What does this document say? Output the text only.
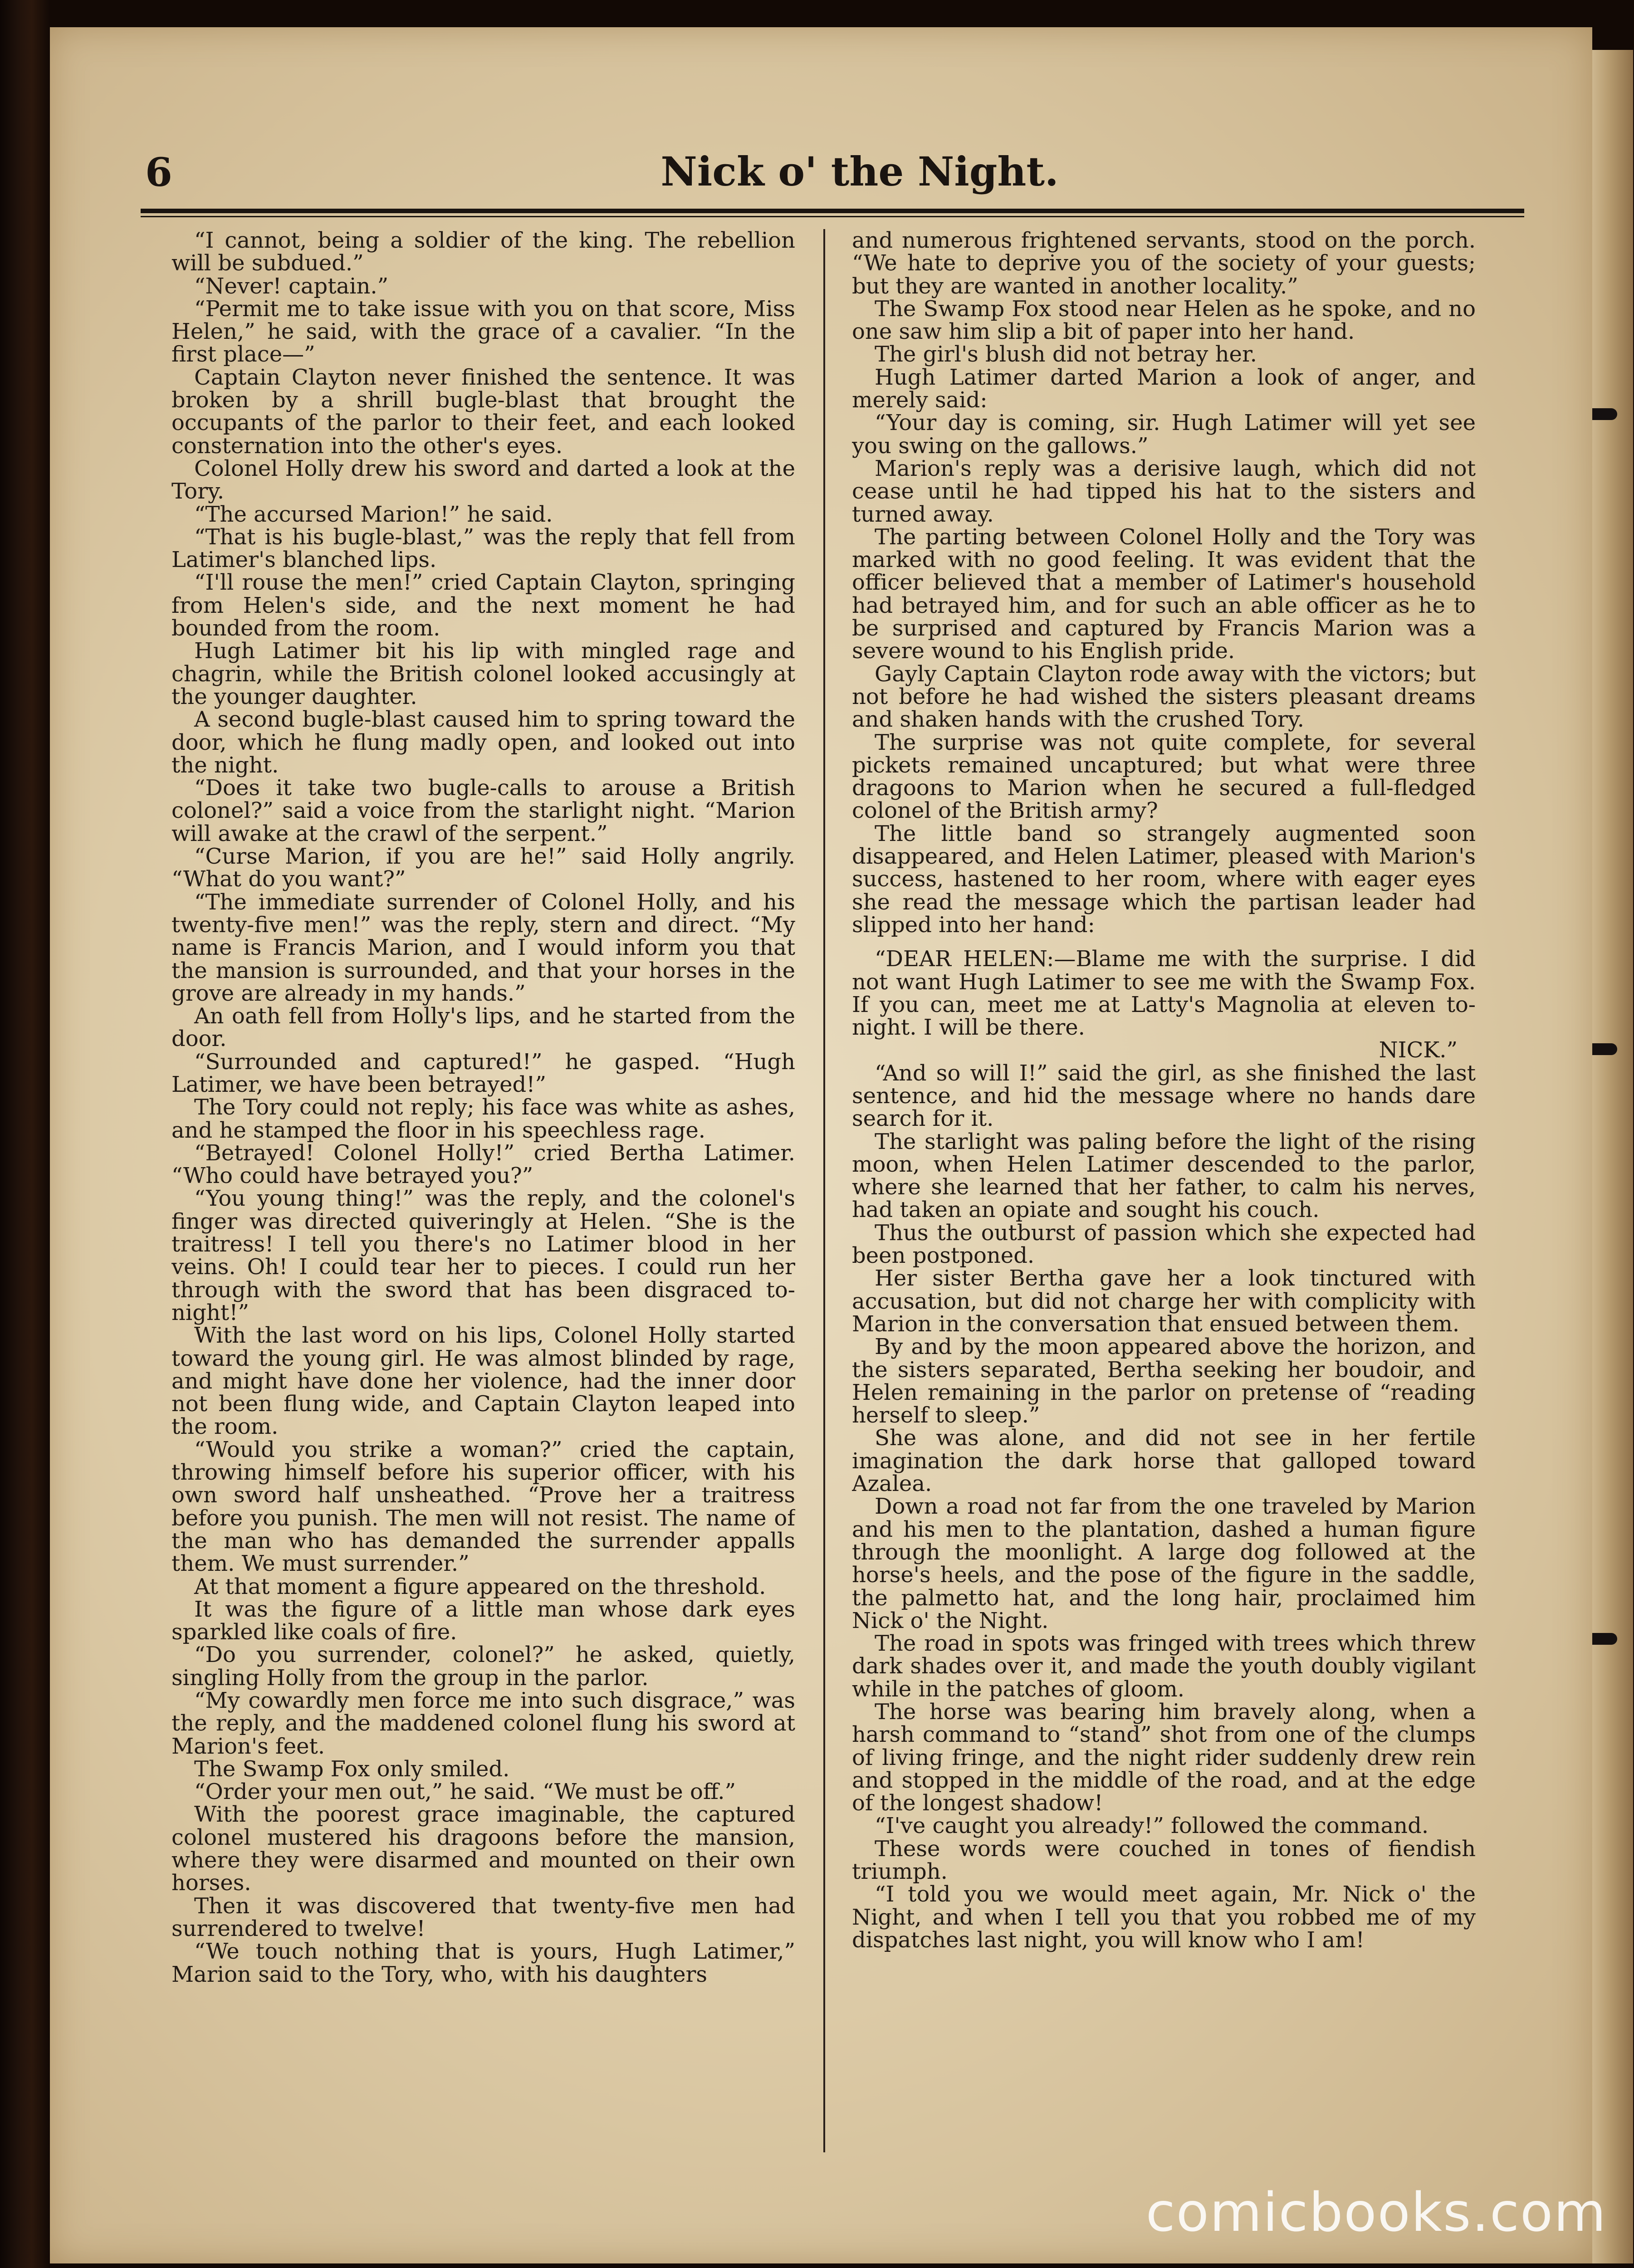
6	Nick o' the Night.

“I cannot, being a soldier of the king. The rebellion will be subdued.”

“Never! captain.”

“Permit me to take issue with you on that score, Miss Helen,” he said, with the grace of a cavalier. “In the first place—”

Captain Clayton never finished the sentence. It was broken by a shrill bugle-blast that brought the occupants of the parlor to their feet, and each looked consternation into the other's eyes.

Colonel Holly drew his sword and darted a look at the Tory.

“The accursed Marion!” he said.

“That is his bugle-blast,” was the reply that fell from Latimer's blanched lips.

“I'll rouse the men!” cried Captain Clayton, springing from Helen's side, and the next moment he had bounded from the room.

Hugh Latimer bit his lip with mingled rage and chagrin, while the British colonel looked accusingly at the younger daughter.

A second bugle-blast caused him to spring toward the door, which he flung madly open, and looked out into the night.

“Does it take two bugle-calls to arouse a British colonel?” said a voice from the starlight night. “Marion will awake at the crawl of the serpent.”

“Curse Marion, if you are he!” said Holly angrily. “What do you want?”

“The immediate surrender of Colonel Holly, and his twenty-five men!” was the reply, stern and direct. “My name is Francis Marion, and I would inform you that the mansion is surrounded, and that your horses in the grove are already in my hands.”

An oath fell from Holly's lips, and he started from the door.

“Surrounded and captured!” he gasped. “Hugh Latimer, we have been betrayed!”

The Tory could not reply; his face was white as ashes, and he stamped the floor in his speechless rage.

“Betrayed! Colonel Holly!” cried Bertha Latimer. “Who could have betrayed you?”

“You young thing!” was the reply, and the colonel's finger was directed quiveringly at Helen. “She is the traitress! I tell you there's no Latimer blood in her veins. Oh! I could tear her to pieces. I could run her through with the sword that has been disgraced to-night!”

With the last word on his lips, Colonel Holly started toward the young girl. He was almost blinded by rage, and might have done her violence, had the inner door not been flung wide, and Captain Clayton leaped into the room.

“Would you strike a woman?” cried the captain, throwing himself before his superior officer, with his own sword half unsheathed. “Prove her a traitress before you punish. The men will not resist. The name of the man who has demanded the surrender appalls them. We must surrender.”

At that moment a figure appeared on the threshold.

It was the figure of a little man whose dark eyes sparkled like coals of fire.

“Do you surrender, colonel?” he asked, quietly, singling Holly from the group in the parlor.

“My cowardly men force me into such disgrace,” was the reply, and the maddened colonel flung his sword at Marion's feet.

The Swamp Fox only smiled.

“Order your men out,” he said. “We must be off.”

With the poorest grace imaginable, the captured colonel mustered his dragoons before the mansion, where they were disarmed and mounted on their own horses.

Then it was discovered that twenty-five men had surrendered to twelve!

“We touch nothing that is yours, Hugh Latimer,” Marion said to the Tory, who, with his daughters

and numerous frightened servants, stood on the porch. “We hate to deprive you of the society of your guests; but they are wanted in another locality.”

The Swamp Fox stood near Helen as he spoke, and no one saw him slip a bit of paper into her hand.

The girl's blush did not betray her.

Hugh Latimer darted Marion a look of anger, and merely said:

“Your day is coming, sir. Hugh Latimer will yet see you swing on the gallows.”

Marion's reply was a derisive laugh, which did not cease until he had tipped his hat to the sisters and turned away.

The parting between Colonel Holly and the Tory was marked with no good feeling. It was evident that the officer believed that a member of Latimer's household had betrayed him, and for such an able officer as he to be surprised and captured by Francis Marion was a severe wound to his English pride.

Gayly Captain Clayton rode away with the victors; but not before he had wished the sisters pleasant dreams and shaken hands with the crushed Tory.

The surprise was not quite complete, for several pickets remained uncaptured; but what were three dragoons to Marion when he secured a full-fledged colonel of the British army?

The little band so strangely augmented soon disappeared, and Helen Latimer, pleased with Marion's success, hastened to her room, where with eager eyes she read the message which the partisan leader had slipped into her hand:

“DEAR HELEN:—Blame me with the surprise. I did not want Hugh Latimer to see me with the Swamp Fox. If you can, meet me at Latty's Magnolia at eleven to-night. I will be there.

NICK.”

“And so will I!” said the girl, as she finished the last sentence, and hid the message where no hands dare search for it.

The starlight was paling before the light of the rising moon, when Helen Latimer descended to the parlor, where she learned that her father, to calm his nerves, had taken an opiate and sought his couch.

Thus the outburst of passion which she expected had been postponed.

Her sister Bertha gave her a look tinctured with accusation, but did not charge her with complicity with Marion in the conversation that ensued between them.

By and by the moon appeared above the horizon, and the sisters separated, Bertha seeking her boudoir, and Helen remaining in the parlor on pretense of “reading herself to sleep.”

She was alone, and did not see in her fertile imagination the dark horse that galloped toward Azalea.

Down a road not far from the one traveled by Marion and his men to the plantation, dashed a human figure through the moonlight. A large dog followed at the horse's heels, and the pose of the figure in the saddle, the palmetto hat, and the long hair, proclaimed him Nick o' the Night.

The road in spots was fringed with trees which threw dark shades over it, and made the youth doubly vigilant while in the patches of gloom.

The horse was bearing him bravely along, when a harsh command to “stand” shot from one of the clumps of living fringe, and the night rider suddenly drew rein and stopped in the middle of the road, and at the edge of the longest shadow!

“I've caught you already!” followed the command.

These words were couched in tones of fiendish triumph.

“I told you we would meet again, Mr. Nick o' the Night, and when I tell you that you robbed me of my dispatches last night, you will know who I am!

comicbooks.com
